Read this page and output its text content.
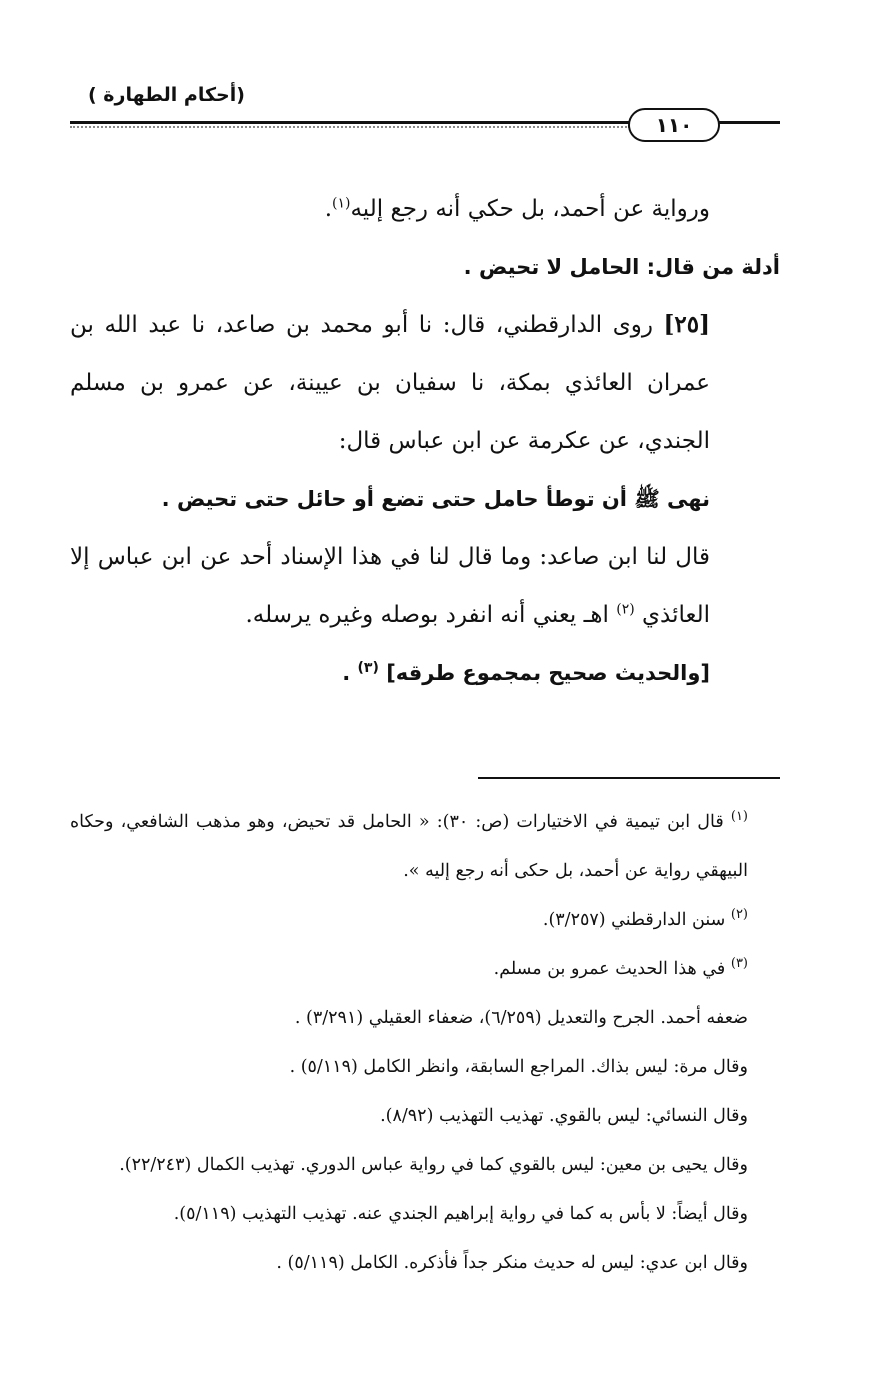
(أحكام الطهارة )
١١٠

ورواية عن أحمد، بل حكي أنه رجع إليه$^{(١)}$.

أدلة من قال: الحامل لا تحيض .

[٢٥] روى الدارقطني، قال: نا أبو محمد بن صاعد، نا عبد الله بن عمران العائذي بمكة، نا سفيان بن عيينة، عن عمرو بن مسلم الجندي، عن عكرمة عن ابن عباس قال:

نهى ﷺ أن توطأ حامل حتى تضع أو حائل حتى تحيض .

قال لنا ابن صاعد: وما قال لنا في هذا الإسناد أحد عن ابن عباس إلا العائذي $^{(٢)}$ اهـ يعني أنه انفرد بوصله وغيره يرسله.

[والحديث صحيح بمجموع طرقه] $^{(٣)}$ .

$^{(١)}$ قال ابن تيمية في الاختيارات (ص: ٣٠): « الحامل قد تحيض، وهو مذهب الشافعي، وحكاه البيهقي رواية عن أحمد، بل حكى أنه رجع إليه ».

$^{(٢)}$ سنن الدارقطني (٣/٢٥٧).

$^{(٣)}$ في هذا الحديث عمرو بن مسلم.

ضعفه أحمد. الجرح والتعديل (٦/٢٥٩)، ضعفاء العقيلي (٣/٢٩١) .

وقال مرة: ليس بذاك. المراجع السابقة، وانظر الكامل (٥/١١٩) .

وقال النسائي: ليس بالقوي. تهذيب التهذيب (٨/٩٢).

وقال يحيى بن معين: ليس بالقوي كما في رواية عباس الدوري. تهذيب الكمال (٢٢/٢٤٣).

وقال أيضاً: لا بأس به كما في رواية إبراهيم الجندي عنه. تهذيب التهذيب (٥/١١٩).

وقال ابن عدي: ليس له حديث منكر جداً فأذكره. الكامل (٥/١١٩) .
